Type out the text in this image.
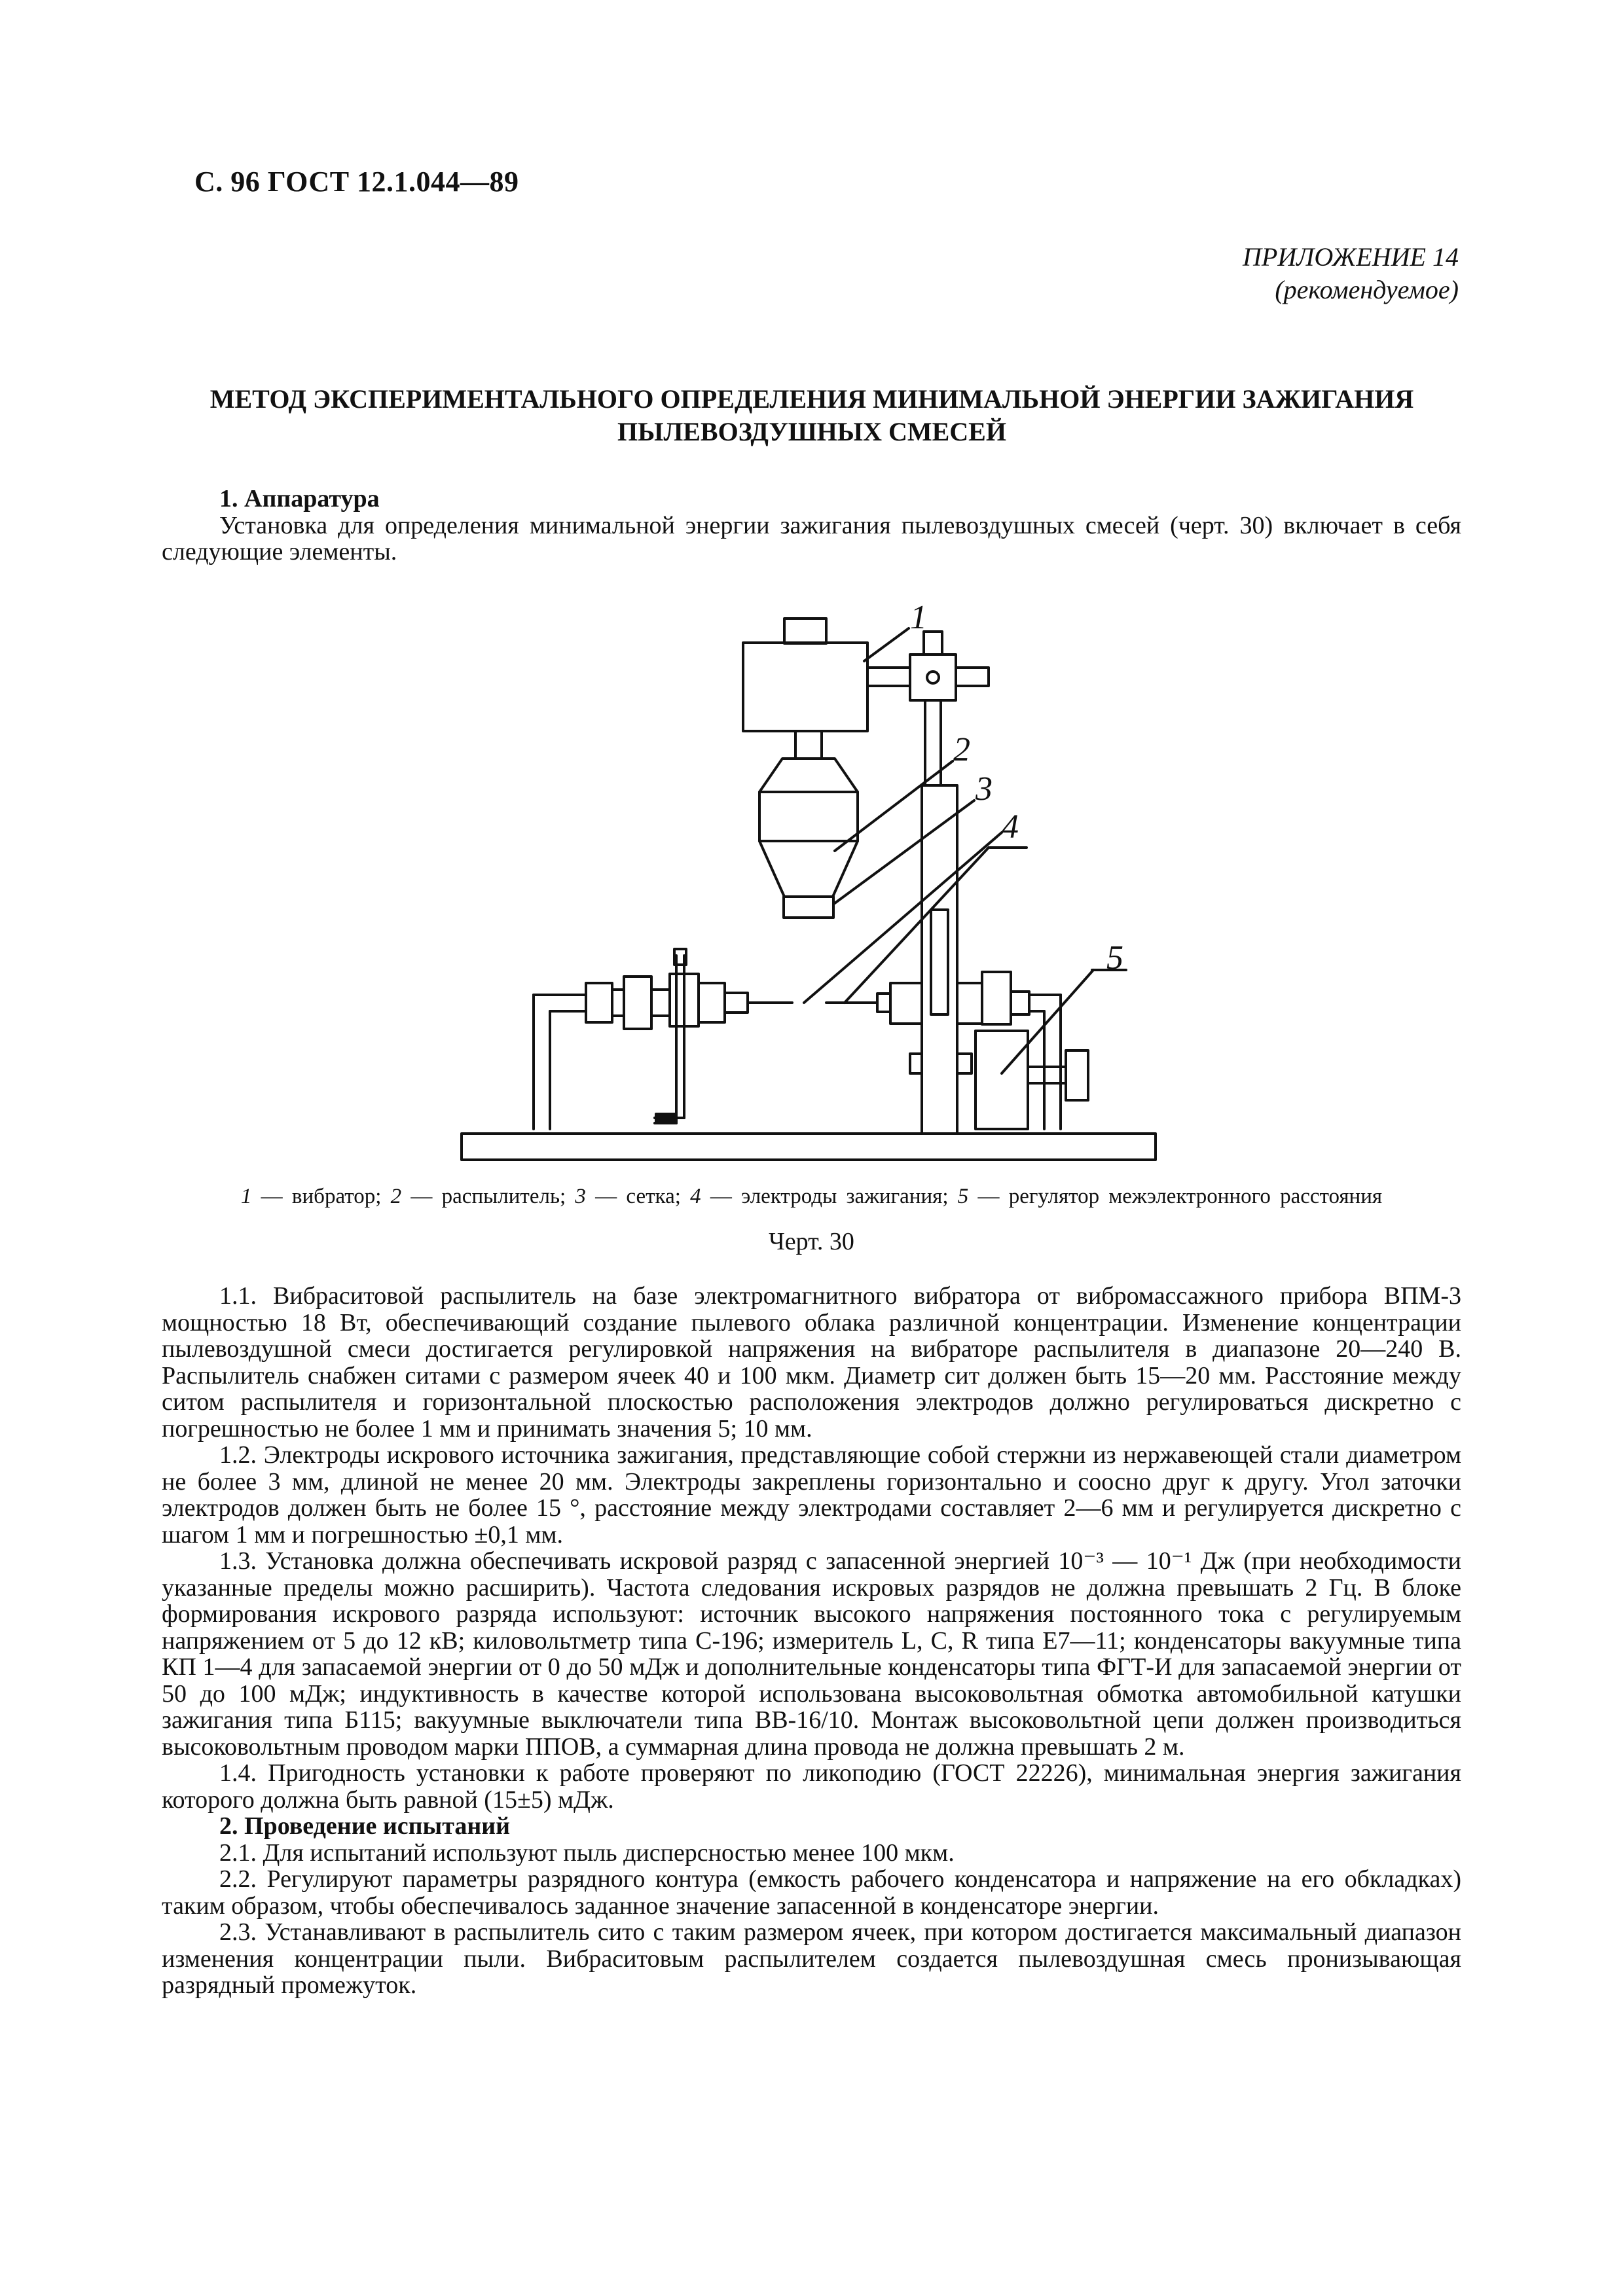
С. 96 ГОСТ 12.1.044—89
ПРИЛОЖЕНИЕ 14
(рекомендуемое)
МЕТОД ЭКСПЕРИМЕНТАЛЬНОГО ОПРЕДЕЛЕНИЯ МИНИМАЛЬНОЙ ЭНЕРГИИ ЗАЖИГАНИЯ
ПЫЛЕВОЗДУШНЫХ СМЕСЕЙ

1. Аппаратура

Установка для определения минимальной энергии зажигания пылевоздушных смесей (черт. 30) включает в себя следующие элементы.

1
2
3
4
5
1 — вибратор; 2 — распылитель; 3 — сетка; 4 — электроды зажигания; 5 — регулятор межэлектронного расстояния
Черт. 30

1.1. Вибраситовой распылитель на базе электромагнитного вибратора от вибромассажного прибора ВПМ-3 мощностью 18 Вт, обеспечивающий создание пылевого облака различной концентрации. Изменение концентрации пылевоздушной смеси достигается регулировкой напряжения на вибраторе распылителя в диапазоне 20—240 В. Распылитель снабжен ситами с размером ячеек 40 и 100 мкм. Диаметр сит должен быть 15—20 мм. Расстояние между ситом распылителя и горизонтальной плоскостью расположения электродов должно регулироваться дискретно с погрешностью не более 1 мм и принимать значения 5; 10 мм.

1.2. Электроды искрового источника зажигания, представляющие собой стержни из нержавеющей стали диаметром не более 3 мм, длиной не менее 20 мм. Электроды закреплены горизонтально и соосно друг к другу. Угол заточки электродов должен быть не более 15 °, расстояние между электродами составляет 2—6 мм и регулируется дискретно с шагом 1 мм и погрешностью ±0,1 мм.

1.3. Установка должна обеспечивать искровой разряд с запасенной энергией 10⁻³ — 10⁻¹ Дж (при необходимости указанные пределы можно расширить). Частота следования искровых разрядов не должна превышать 2 Гц. В блоке формирования искрового разряда используют: источник высокого напряжения постоянного тока с регулируемым напряжением от 5 до 12 кВ; киловольтметр типа С-196; измеритель L, C, R типа Е7—11; конденсаторы вакуумные типа КП 1—4 для запасаемой энергии от 0 до 50 мДж и дополнительные конденсаторы типа ФГТ-И для запасаемой энергии от 50 до 100 мДж; индуктивность в качестве которой использована высоковольтная обмотка автомобильной катушки зажигания типа Б115; вакуумные выключатели типа ВВ-16/10. Монтаж высоковольтной цепи должен производиться высоковольтным проводом марки ППОВ, а суммарная длина провода не должна превышать 2 м.

1.4. Пригодность установки к работе проверяют по ликоподию (ГОСТ 22226), минимальная энергия зажигания которого должна быть равной (15±5) мДж.

2. Проведение испытаний

2.1. Для испытаний используют пыль дисперсностью менее 100 мкм.

2.2. Регулируют параметры разрядного контура (емкость рабочего конденсатора и напряжение на его обкладках) таким образом, чтобы обеспечивалось заданное значение запасенной в конденсаторе энергии.

2.3. Устанавливают в распылитель сито с таким размером ячеек, при котором достигается максимальный диапазон изменения концентрации пыли. Вибраситовым распылителем создается пылевоздушная смесь пронизывающая разрядный промежуток.
